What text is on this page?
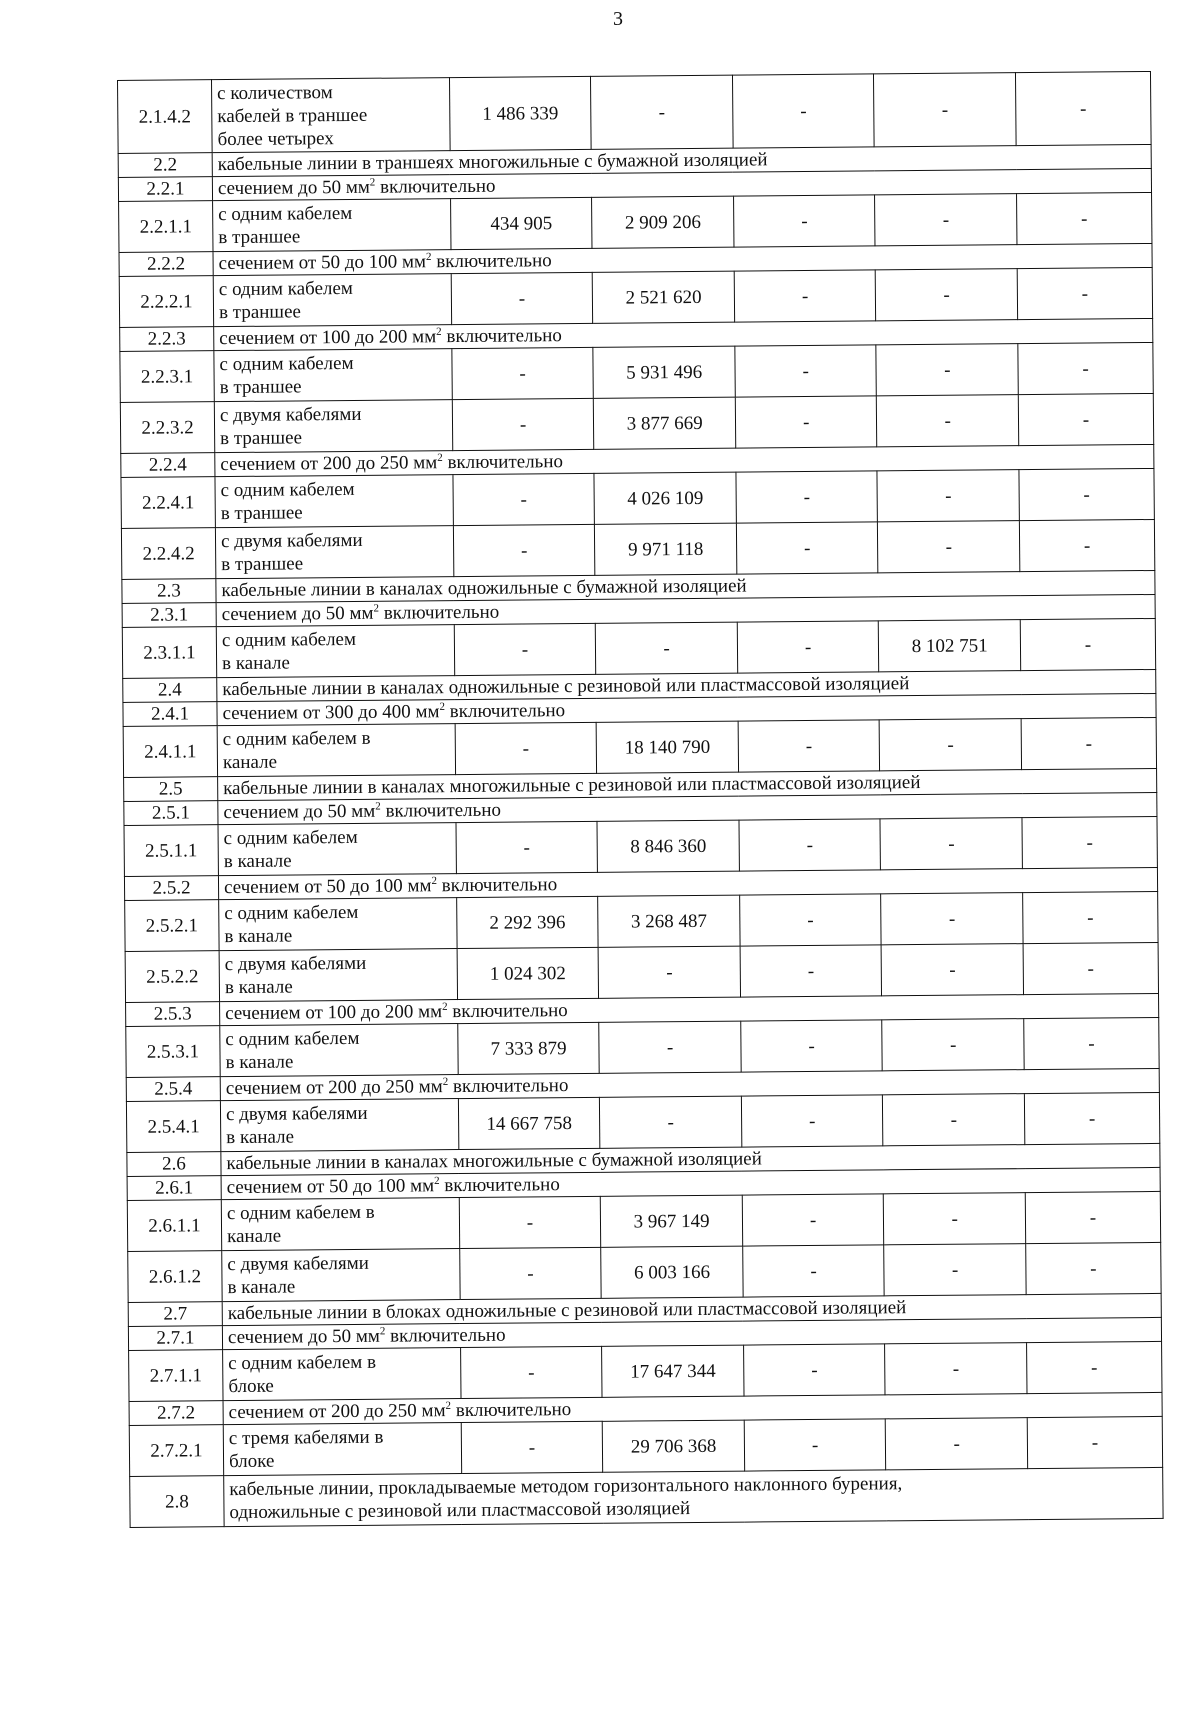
3
2.1.4.2	с количеством
кабелей в траншее
более четырех	1 486 339	-	-	-	-
2.2	кабельные линии в траншеях многожильные с бумажной изоляцией					
2.2.1	сечением до 50 $мм^2$ включительно					
2.2.1.1	с одним кабелем
в траншее	434 905	2 909 206	-	-	-
2.2.2	сечением от 50 до 100 $мм^2$ включительно					
2.2.2.1	с одним кабелем
в траншее	-	2 521 620	-	-	-
2.2.3	сечением от 100 до 200 $мм^2$ включительно					
2.2.3.1	с одним кабелем
в траншее	-	5 931 496	-	-	-
2.2.3.2	с двумя кабелями
в траншее	-	3 877 669	-	-	-
2.2.4	сечением от 200 до 250 $мм^2$ включительно					
2.2.4.1	с одним кабелем
в траншее	-	4 026 109	-	-	-
2.2.4.2	с двумя кабелями
в траншее	-	9 971 118	-	-	-
2.3	кабельные линии в каналах одножильные с бумажной изоляцией					
2.3.1	сечением до 50 $мм^2$ включительно					
2.3.1.1	с одним кабелем
в канале	-	-	-	8 102 751	-
2.4	кабельные линии в каналах одножильные с резиновой или пластмассовой изоляцией					
2.4.1	сечением от 300 до 400 $мм^2$ включительно					
2.4.1.1	с одним кабелем в
канале	-	18 140 790	-	-	-
2.5	кабельные линии в каналах многожильные с резиновой или пластмассовой изоляцией					
2.5.1	сечением до 50 $мм^2$ включительно					
2.5.1.1	с одним кабелем
в канале	-	8 846 360	-	-	-
2.5.2	сечением от 50 до 100 $мм^2$ включительно					
2.5.2.1	с одним кабелем
в канале	2 292 396	3 268 487	-	-	-
2.5.2.2	с двумя кабелями
в канале	1 024 302	-	-	-	-
2.5.3	сечением от 100 до 200 $мм^2$ включительно					
2.5.3.1	с одним кабелем
в канале	7 333 879	-	-	-	-
2.5.4	сечением от 200 до 250 $мм^2$ включительно					
2.5.4.1	с двумя кабелями
в канале	14 667 758	-	-	-	-
2.6	кабельные линии в каналах многожильные с бумажной изоляцией					
2.6.1	сечением от 50 до 100 $мм^2$ включительно					
2.6.1.1	с одним кабелем в
канале	-	3 967 149	-	-	-
2.6.1.2	с двумя кабелями
в канале	-	6 003 166	-	-	-
2.7	кабельные линии в блоках одножильные с резиновой или пластмассовой изоляцией					
2.7.1	сечением до 50 $мм^2$ включительно					
2.7.1.1	с одним кабелем в
блоке	-	17 647 344	-	-	-
2.7.2	сечением от 200 до 250 $мм^2$ включительно					
2.7.2.1	с тремя кабелями в
блоке	-	29 706 368	-	-	-
2.8	кабельные линии, прокладываемые методом горизонтального наклонного бурения,
одножильные с резиновой или пластмассовой изоляцией					
